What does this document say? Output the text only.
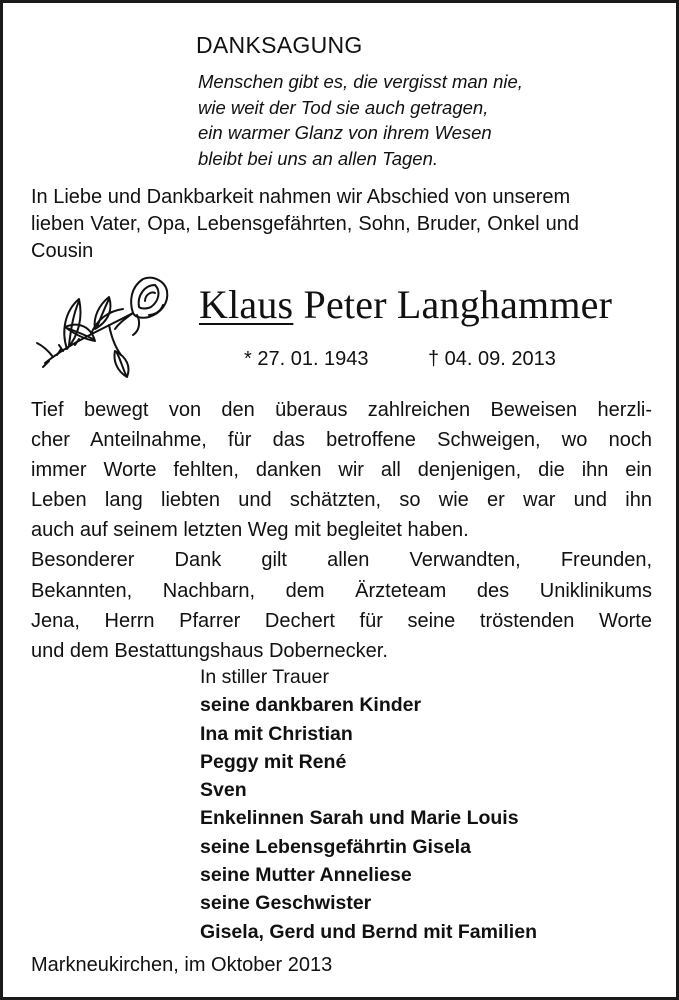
DANKSAGUNG
Menschen gibt es, die vergisst man nie,
wie weit der Tod sie auch getragen,
ein warmer Glanz von ihrem Wesen
bleibt bei uns an allen Tagen.
In Liebe und Dankbarkeit nahmen wir Abschied von unserem
lieben Vater, Opa, Lebensgefährten, Sohn, Bruder, Onkel und
Cousin
Klaus Peter Langhammer
* 27. 01. 1943	† 04. 09. 2013
Tief bewegt von den überaus zahlreichen Beweisen herzli-
cher Anteilnahme, für das betroffene Schweigen, wo noch
immer Worte fehlten, danken wir all denjenigen, die ihn ein
Leben lang liebten und schätzten, so wie er war und ihn
auch auf seinem letzten Weg mit begleitet haben.
Besonderer Dank gilt allen Verwandten, Freunden,
Bekannten, Nachbarn, dem Ärzteteam des Uniklinikums
Jena, Herrn Pfarrer Dechert für seine tröstenden Worte
und dem Bestattungshaus Dobernecker.
In stiller Trauer
seine dankbaren Kinder
Ina mit Christian
Peggy mit René
Sven
Enkelinnen Sarah und Marie Louis
seine Lebensgefährtin Gisela
seine Mutter Anneliese
seine Geschwister
Gisela, Gerd und Bernd mit Familien
Markneukirchen, im Oktober 2013
